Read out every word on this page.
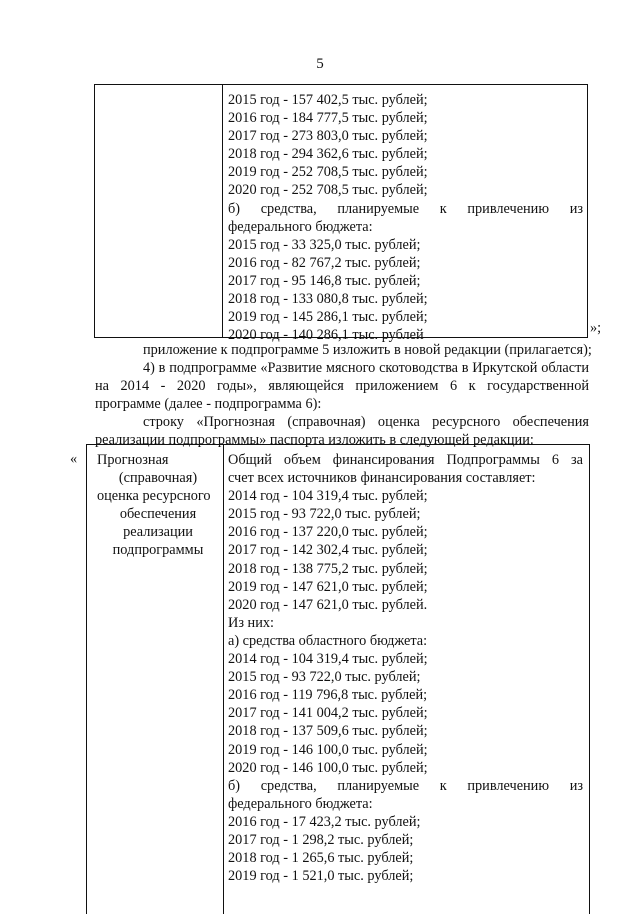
5
2015 год - 157 402,5 тыс. рублей;
2016 год - 184 777,5 тыс. рублей;
2017 год - 273 803,0 тыс. рублей;
2018 год - 294 362,6 тыс. рублей;
2019 год - 252 708,5 тыс. рублей;
2020 год - 252 708,5 тыс. рублей;
б) средства, планируемые к привлечению из
федерального бюджета:
2015 год - 33 325,0 тыс. рублей;
2016 год - 82 767,2 тыс. рублей;
2017 год - 95 146,8 тыс. рублей;
2018 год - 133 080,8 тыс. рублей;
2019 год - 145 286,1 тыс. рублей;
2020 год - 140 286,1 тыс. рублей	»;
приложение к подпрограмме 5 изложить в новой редакции (прилагается);
4) в подпрограмме «Развитие мясного скотоводства в Иркутской области
на 2014 - 2020 годы», являющейся приложением 6 к государственной
программе (далее - подпрограмма 6):
строку «Прогнозная (справочная) оценка ресурсного обеспечения
реализации подпрограммы» паспорта изложить в следующей редакции:
« Прогнозная
(справочная)
оценка ресурсного
обеспечения
реализации
подпрограммы
Общий объем финансирования Подпрограммы 6 за
счет всех источников финансирования составляет:
2014 год - 104 319,4 тыс. рублей;
2015 год - 93 722,0 тыс. рублей;
2016 год - 137 220,0 тыс. рублей;
2017 год - 142 302,4 тыс. рублей;
2018 год - 138 775,2 тыс. рублей;
2019 год - 147 621,0 тыс. рублей;
2020 год - 147 621,0 тыс. рублей.
Из них:
а) средства областного бюджета:
2014 год - 104 319,4 тыс. рублей;
2015 год - 93 722,0 тыс. рублей;
2016 год - 119 796,8 тыс. рублей;
2017 год - 141 004,2 тыс. рублей;
2018 год - 137 509,6 тыс. рублей;
2019 год - 146 100,0 тыс. рублей;
2020 год - 146 100,0 тыс. рублей;
б) средства, планируемые к привлечению из
федерального бюджета:
2016 год - 17 423,2 тыс. рублей;
2017 год - 1 298,2 тыс. рублей;
2018 год - 1 265,6 тыс. рублей;
2019 год - 1 521,0 тыс. рублей;
